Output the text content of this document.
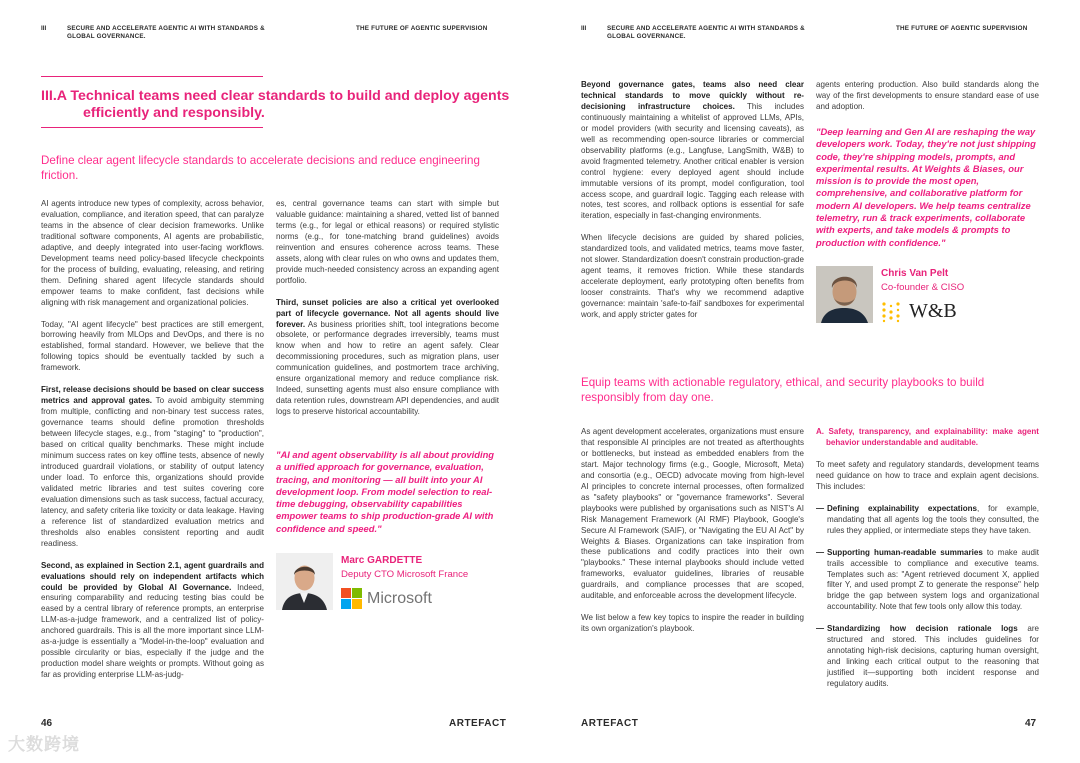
III	SECURE AND ACCELERATE AGENTIC AI WITH STANDARDS & GLOBAL GOVERNANCE.
THE FUTURE OF AGENTIC SUPERVISION
III.A Technical teams need clear standards to build and deploy agents efficiently and responsibly.
Define clear agent lifecycle standards to accelerate decisions and reduce engineering friction.

AI agents introduce new types of complexity, across behavior, evaluation, compliance, and iteration speed, that can paralyze teams in the absence of clear decision frameworks. Unlike traditional software components, AI agents are probabilistic, adaptive, and deeply integrated into user-facing workflows. Development teams need policy-based lifecycle checkpoints for the process of building, evaluating, releasing, and retiring them. Defining shared agent lifecycle standards should empower teams to make confident, fast decisions while aligning with risk management and organizational policies.

Today, "AI agent lifecycle" best practices are still emergent, borrowing heavily from MLOps and DevOps, and there is no established, formal standard. However, we believe that the following topics should be eventually tackled by such a framework.

First, release decisions should be based on clear success metrics and approval gates. To avoid ambiguity stemming from multiple, conflicting and non-binary test success rates, governance teams should define promotion thresholds between lifecycle stages, e.g., from "staging" to "production", based on critical quality benchmarks. These might include minimum success rates on key offline tests, absence of newly introduced guardrail violations, or stability of output latency under load. To enforce this, organizations should provide validated metric libraries and test suites covering core evaluation dimensions such as task success, factual accuracy, latency, and safety criteria like toxicity or data leakage. Having a reference list of standardized evaluation metrics and thresholds also enables consistent reporting and audit readiness.

Second, as explained in Section 2.1, agent guardrails and evaluations should rely on independent artifacts which could be provided by Global AI Governance. Indeed, ensuring comparability and reducing testing bias could be eased by a central library of reference prompts, an enterprise LLM-as-a-judge framework, and a centralized list of policy-anchored guardrails. This is all the more important since LLM-as-a-judge is essentially a "Model-in-the-loop" evaluation and possible circularity or bias, especially if the judge and the production model share weights or prompts. Without going as far as providing enterprise LLM-as-judg-

es, central governance teams can start with simple but valuable guidance: maintaining a shared, vetted list of banned terms (e.g., for legal or ethical reasons) or required stylistic norms (e.g., for tone-matching brand guidelines) avoids reinvention and ensures coherence across teams. These assets, along with clear rules on who owns and updates them, provide much-needed consistency across an expanding agent portfolio.

Third, sunset policies are also a critical yet overlooked part of lifecycle governance. Not all agents should live forever. As business priorities shift, tool integrations become obsolete, or performance degrades irreversibly, teams must know when and how to retire an agent safely. Clear decommissioning procedures, such as migration plans, user communication guidelines, and postmortem trace archiving, ensure organizational memory and reduce compliance risk. Indeed, sunsetting agents must also ensure compliance with data retention rules, downstream API dependencies, and audit logs to preserve historical accountability.

"AI and agent observability is all about providing a unified approach for governance, evaluation, tracing, and monitoring — all built into your AI development loop. From model selection to real-time debugging, observability capabilities empower teams to ship production-grade AI with confidence and speed."
Marc GARDETTE
Deputy CTO Microsoft France
Microsoft
46	ARTEFACT
III	SECURE AND ACCELERATE AGENTIC AI WITH STANDARDS & GLOBAL GOVERNANCE.
THE FUTURE OF AGENTIC SUPERVISION

Beyond governance gates, teams also need clear technical standards to move quickly without re-decisioning infrastructure choices. This includes continuously maintaining a whitelist of approved LLMs, APIs, or model providers (with security and licensing caveats), as well as recommending open-source libraries or commercial observability platforms (e.g., Langfuse, LangSmith, W&B) to avoid fragmented telemetry. Another critical enabler is version control hygiene: every deployed agent should include immutable versions of its prompt, model configuration, tool access scope, and guardrail logic. Tagging each release with notes, test scores, and rollback options is essential for safe iteration, especially in fast-changing environments.

When lifecycle decisions are guided by shared policies, standardized tools, and validated metrics, teams move faster, not slower. Standardization doesn't constrain production-grade agent teams, it removes friction. While these standards accelerate deployment, early prototyping often benefits from looser constraints. That's why we recommend adaptive governance: maintain 'safe-to-fail' sandboxes for experimental work, and apply stricter gates for

agents entering production. Also build standards along the way of the first developments to ensure standard ease of use and adoption.
"Deep learning and Gen AI are reshaping the way developers work. Today, they're not just shipping code, they're shipping models, prompts, and experimental results. At Weights & Biases, our mission is to provide the most open, comprehensive, and collaborative platform for modern AI developers. We help teams centralize telemetry, run & track experiments, collaborate with experts, and take models & prompts to production with confidence."
Chris Van Pelt
Co-founder & CISO
W&B
Equip teams with actionable regulatory, ethical, and security playbooks to build responsibly from day one.

As agent development accelerates, organizations must ensure that responsible AI principles are not treated as afterthoughts or bottlenecks, but instead as embedded enablers from the start. Major technology firms (e.g., Google, Microsoft, Meta) and consortia (e.g., OECD) advocate moving from high-level AI principles to concrete internal processes, often formalized as "safety playbooks" or "governance frameworks". Several playbooks were published by organisations such as NIST's AI Risk Management Framework (AI RMF) Playbook, Google's Secure AI Framework (SAIF), or "Navigating the EU AI Act" by Weights & Biases. Organizations can take inspiration from these publications and codify practices into their own "playbooks." These internal playbooks should include vetted frameworks, evaluator guidelines, libraries of reusable guardrails, and compliance processes that are scoped, auditable, and enforceable across the development lifecycle.

We list below a few key topics to inspire the reader in building its own organization's playbook.

A. Safety, transparency, and explainability: make agent behavior understandable and auditable.

To meet safety and regulatory standards, development teams need guidance on how to trace and explain agent decisions. This includes:

— Defining explainability expectations, for example, mandating that all agents log the tools they consulted, the rules they applied, or intermediate steps they have taken.
— Supporting human-readable summaries to make audit trails accessible to compliance and executive teams. Templates such as: "Agent retrieved document X, applied filter Y, and used prompt Z to generate the response" help bridge the gap between system logs and organizational accountability. Note that few tools only allow this today.
— Standardizing how decision rationale logs are structured and stored. This includes guidelines for annotating high-risk decisions, capturing human oversight, and linking each critical output to the reasoning that justified it—supporting both incident response and regulatory audits.
ARTEFACT	47
大数跨境
